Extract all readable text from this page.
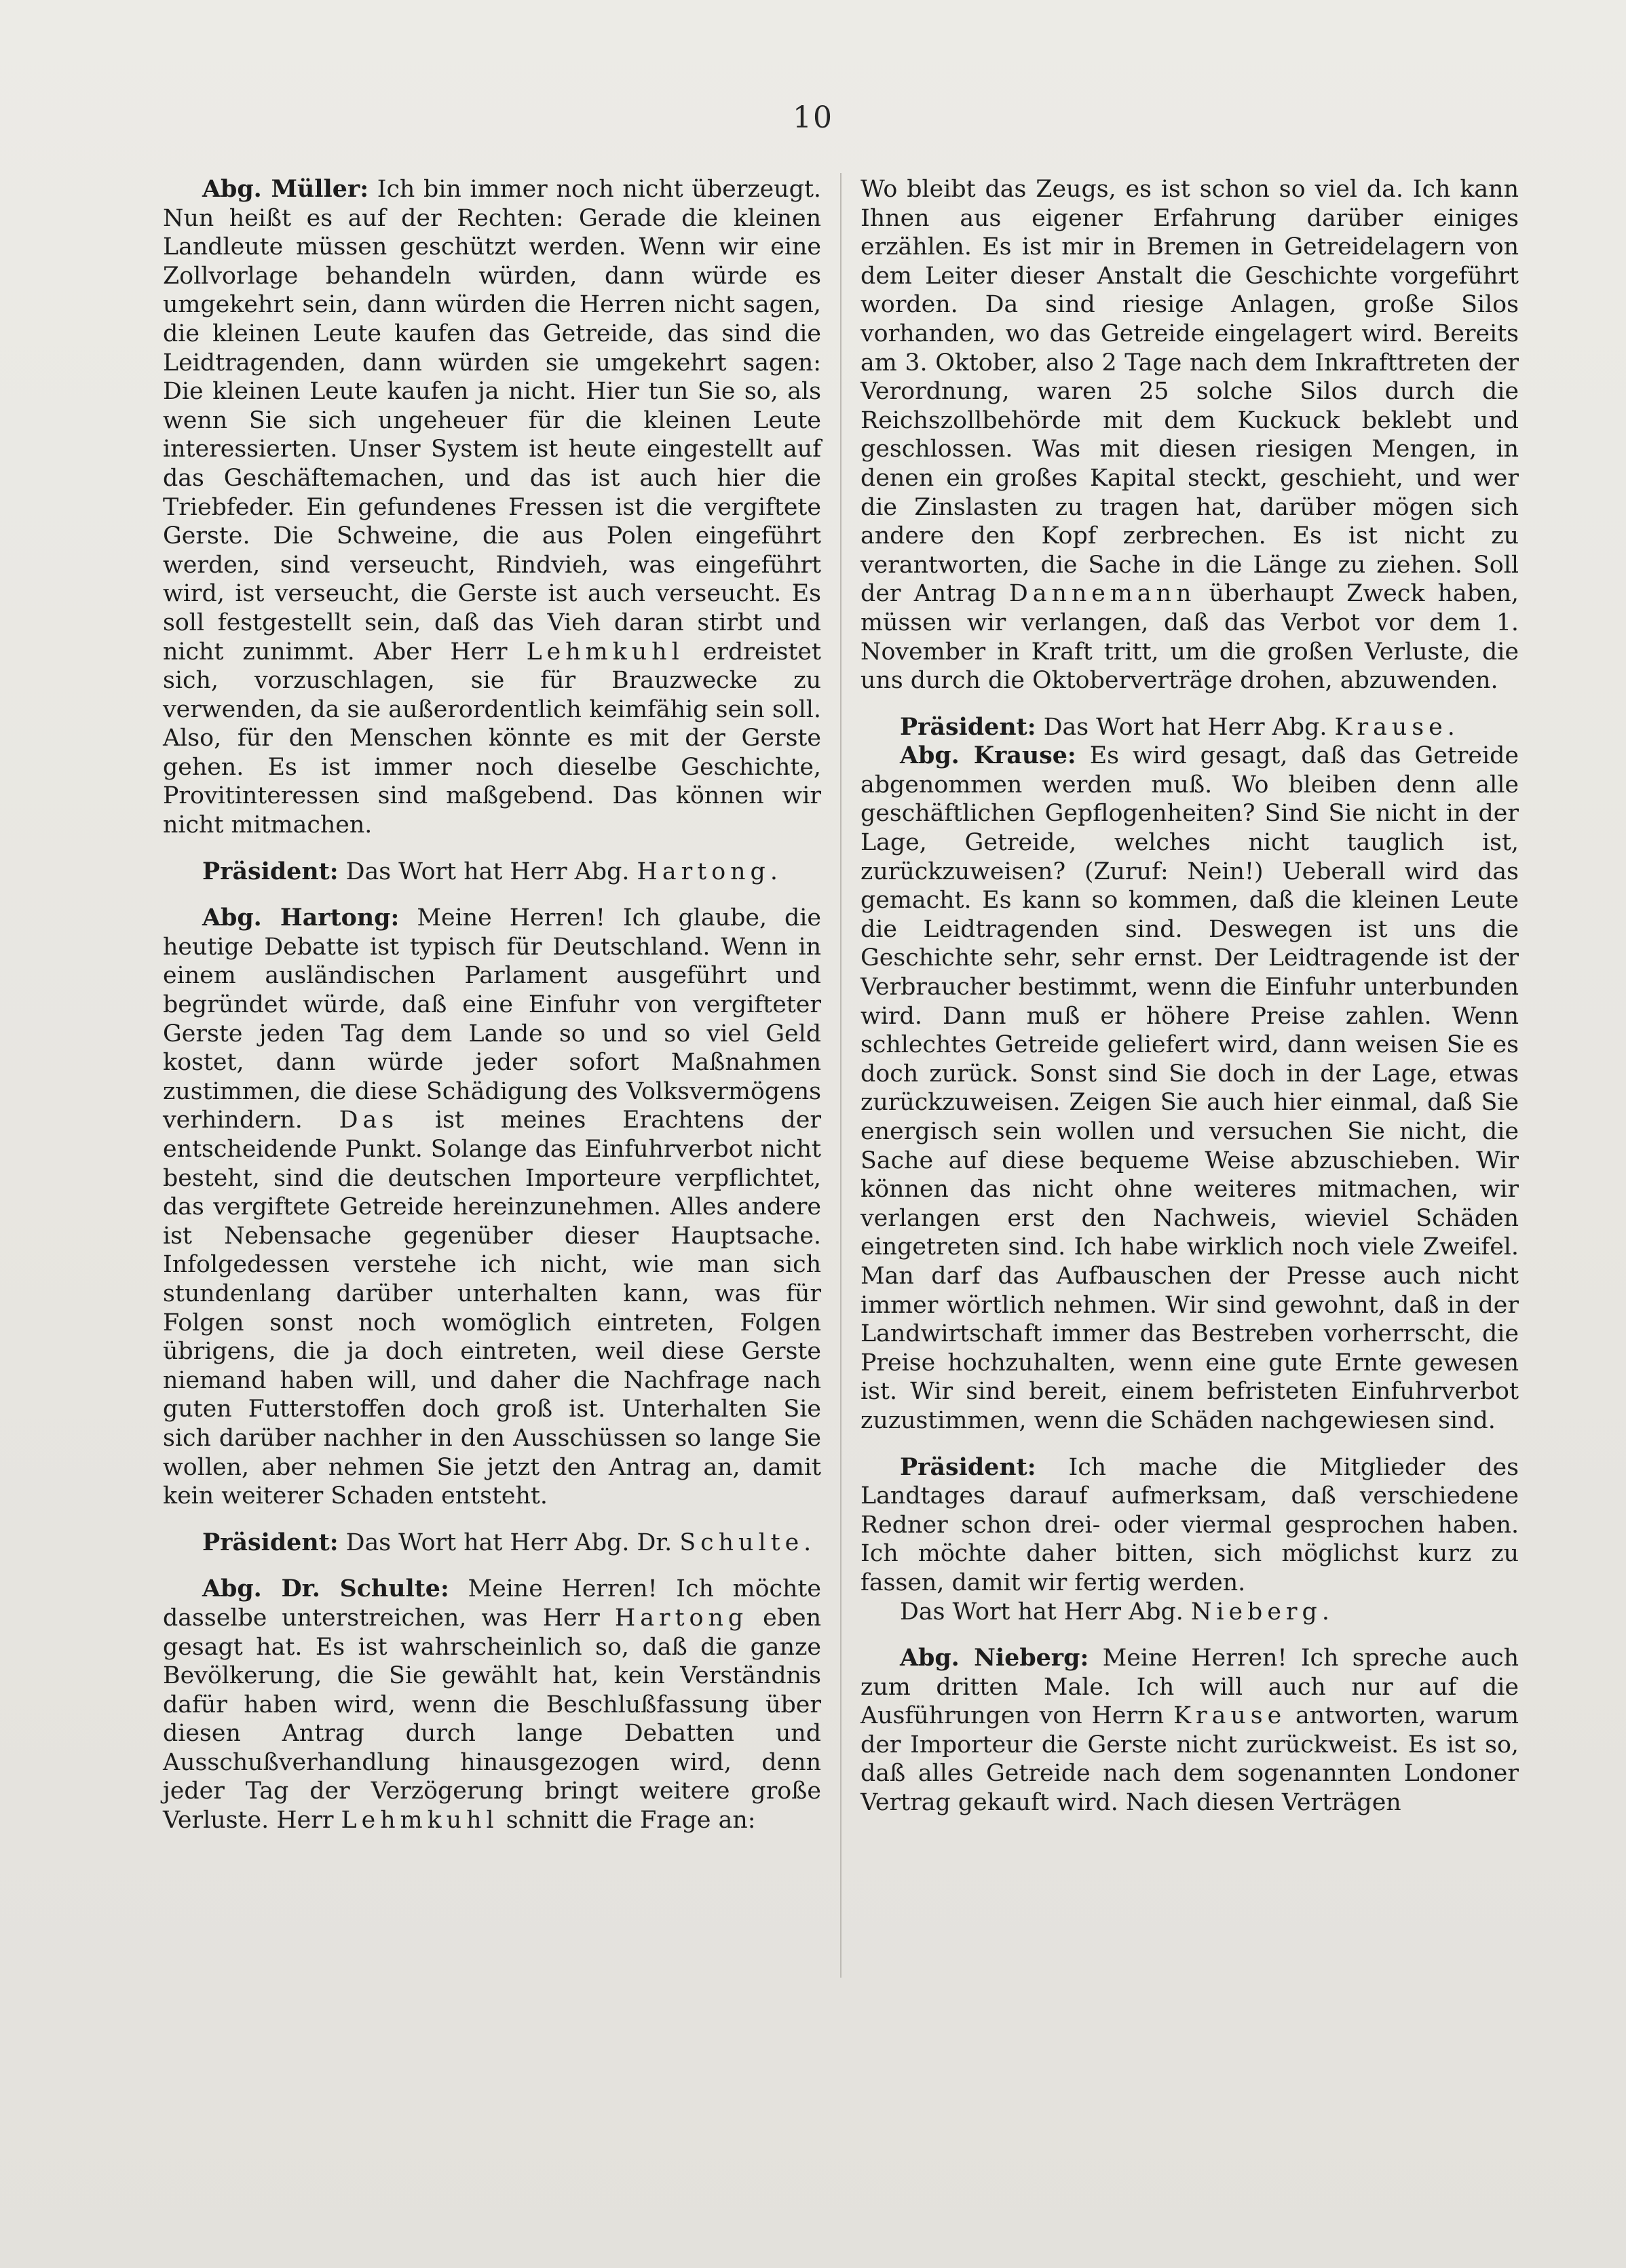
10

Abg. Müller: Ich bin immer noch nicht überzeugt. Nun heißt es auf der Rechten: Gerade die kleinen Landleute müssen geschützt werden. Wenn wir eine Zollvorlage behandeln würden, dann würde es umgekehrt sein, dann würden die Herren nicht sagen, die kleinen Leute kaufen das Getreide, das sind die Leidtragenden, dann würden sie umgekehrt sagen: Die kleinen Leute kaufen ja nicht. Hier tun Sie so, als wenn Sie sich ungeheuer für die kleinen Leute interessierten. Unser System ist heute eingestellt auf das Geschäftemachen, und das ist auch hier die Triebfeder. Ein gefundenes Fressen ist die vergiftete Gerste. Die Schweine, die aus Polen eingeführt werden, sind verseucht, Rindvieh, was eingeführt wird, ist verseucht, die Gerste ist auch verseucht. Es soll festgestellt sein, daß das Vieh daran stirbt und nicht zunimmt. Aber Herr Lehmkuhl erdreistet sich, vorzuschlagen, sie für Brauzwecke zu verwenden, da sie außerordentlich keimfähig sein soll. Also, für den Menschen könnte es mit der Gerste gehen. Es ist immer noch dieselbe Geschichte, Provitinteressen sind maßgebend. Das können wir nicht mitmachen.

Präsident: Das Wort hat Herr Abg. Hartong.

Abg. Hartong: Meine Herren! Ich glaube, die heutige Debatte ist typisch für Deutschland. Wenn in einem ausländischen Parlament ausgeführt und begründet würde, daß eine Einfuhr von vergifteter Gerste jeden Tag dem Lande so und so viel Geld kostet, dann würde jeder sofort Maßnahmen zustimmen, die diese Schädigung des Volksvermögens verhindern. Das ist meines Erachtens der entscheidende Punkt. Solange das Einfuhrverbot nicht besteht, sind die deutschen Importeure verpflichtet, das vergiftete Getreide hereinzunehmen. Alles andere ist Nebensache gegenüber dieser Hauptsache. Infolgedessen verstehe ich nicht, wie man sich stundenlang darüber unterhalten kann, was für Folgen sonst noch womöglich eintreten, Folgen übrigens, die ja doch eintreten, weil diese Gerste niemand haben will, und daher die Nachfrage nach guten Futterstoffen doch groß ist. Unterhalten Sie sich darüber nachher in den Ausschüssen so lange Sie wollen, aber nehmen Sie jetzt den Antrag an, damit kein weiterer Schaden entsteht.

Präsident: Das Wort hat Herr Abg. Dr. Schulte.

Abg. Dr. Schulte: Meine Herren! Ich möchte dasselbe unterstreichen, was Herr Hartong eben gesagt hat. Es ist wahrscheinlich so, daß die ganze Bevölkerung, die Sie gewählt hat, kein Verständnis dafür haben wird, wenn die Beschlußfassung über diesen Antrag durch lange Debatten und Ausschußverhandlung hinausgezogen wird, denn jeder Tag der Verzögerung bringt weitere große Verluste. Herr Lehmkuhl schnitt die Frage an:

Wo bleibt das Zeugs, es ist schon so viel da. Ich kann Ihnen aus eigener Erfahrung darüber einiges erzählen. Es ist mir in Bremen in Getreidelagern von dem Leiter dieser Anstalt die Geschichte vorgeführt worden. Da sind riesige Anlagen, große Silos vorhanden, wo das Getreide eingelagert wird. Bereits am 3. Oktober, also 2 Tage nach dem Inkrafttreten der Verordnung, waren 25 solche Silos durch die Reichszollbehörde mit dem Kuckuck beklebt und geschlossen. Was mit diesen riesigen Mengen, in denen ein großes Kapital steckt, geschieht, und wer die Zinslasten zu tragen hat, darüber mögen sich andere den Kopf zerbrechen. Es ist nicht zu verantworten, die Sache in die Länge zu ziehen. Soll der Antrag Dannemann überhaupt Zweck haben, müssen wir verlangen, daß das Verbot vor dem 1. November in Kraft tritt, um die großen Verluste, die uns durch die Oktoberverträge drohen, abzuwenden.

Präsident: Das Wort hat Herr Abg. Krause.

Abg. Krause: Es wird gesagt, daß das Getreide abgenommen werden muß. Wo bleiben denn alle geschäftlichen Gepflogenheiten? Sind Sie nicht in der Lage, Getreide, welches nicht tauglich ist, zurückzuweisen? (Zuruf: Nein!) Ueberall wird das gemacht. Es kann so kommen, daß die kleinen Leute die Leidtragenden sind. Deswegen ist uns die Geschichte sehr, sehr ernst. Der Leidtragende ist der Verbraucher bestimmt, wenn die Einfuhr unterbunden wird. Dann muß er höhere Preise zahlen. Wenn schlechtes Getreide geliefert wird, dann weisen Sie es doch zurück. Sonst sind Sie doch in der Lage, etwas zurückzuweisen. Zeigen Sie auch hier einmal, daß Sie energisch sein wollen und versuchen Sie nicht, die Sache auf diese bequeme Weise abzuschieben. Wir können das nicht ohne weiteres mitmachen, wir verlangen erst den Nachweis, wieviel Schäden eingetreten sind. Ich habe wirklich noch viele Zweifel. Man darf das Aufbauschen der Presse auch nicht immer wörtlich nehmen. Wir sind gewohnt, daß in der Landwirtschaft immer das Bestreben vorherrscht, die Preise hochzuhalten, wenn eine gute Ernte gewesen ist. Wir sind bereit, einem befristeten Einfuhrverbot zuzustimmen, wenn die Schäden nachgewiesen sind.

Präsident: Ich mache die Mitglieder des Landtages darauf aufmerksam, daß verschiedene Redner schon drei- oder viermal gesprochen haben. Ich möchte daher bitten, sich möglichst kurz zu fassen, damit wir fertig werden.

Das Wort hat Herr Abg. Nieberg.

Abg. Nieberg: Meine Herren! Ich spreche auch zum dritten Male. Ich will auch nur auf die Ausführungen von Herrn Krause antworten, warum der Importeur die Gerste nicht zurückweist. Es ist so, daß alles Getreide nach dem sogenannten Londoner Vertrag gekauft wird. Nach diesen Verträgen
